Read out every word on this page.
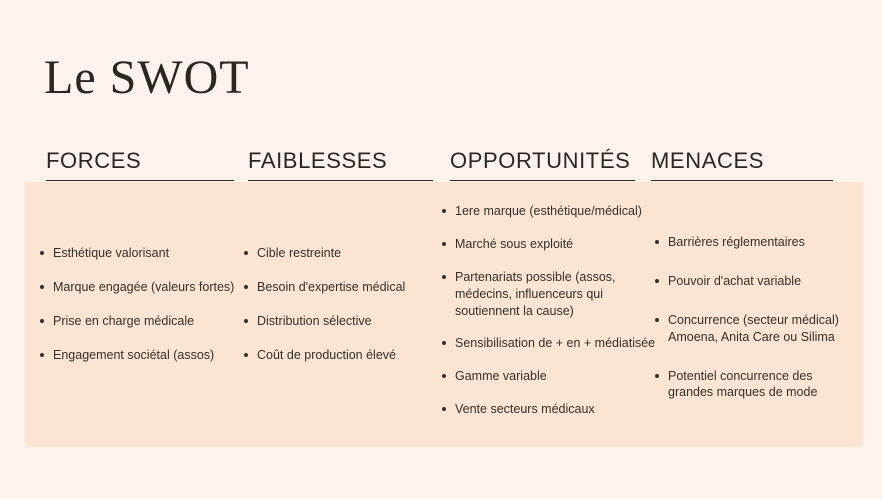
Le SWOT
FORCES
Esthétique valorisant
Marque engagée (valeurs fortes)
Prise en charge médicale
Engagement sociétal (assos)
FAIBLESSES
Cible restreinte
Besoin d'expertise médical
Distribution sélective
Coût de production élevé
OPPORTUNITÉS
1ere marque (esthétique/médical)
Marché sous exploité
Partenariats possible (assos, médecins, influenceurs qui soutiennent la cause)
Sensibilisation de + en + médiatisée
Gamme variable
Vente secteurs médicaux
MENACES
Barrières réglementaires
Pouvoir d'achat variable
Concurrence (secteur médical) Amoena, Anita Care ou Silima
Potentiel concurrence des grandes marques de mode
